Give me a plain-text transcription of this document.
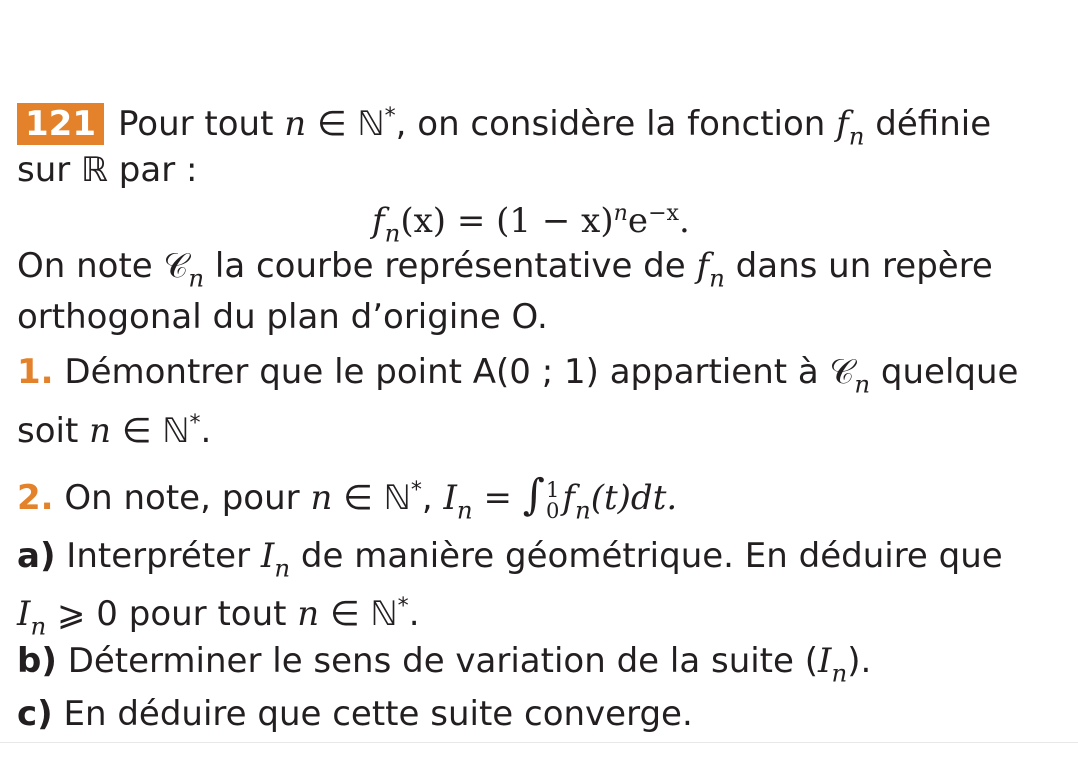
121 Pour tout n ∈ ℕ*, on considère la fonction $f_n$ définie
sur ℝ par :
$f_n(x) = (1 - x)^ne^{-x}$.
On note 𝒞$_n$ la courbe représentative de $f_n$ dans un repère
orthogonal du plan d’origine O.
1. Démontrer que le point A(0 ; 1) appartient à 𝒞$_n$ quelque
soit n ∈ ℕ*.
2. On note, pour n ∈ ℕ*, $I_n$ = ∫ 1
0 $f_n(t)dt$.
a) Interpréter $I_n$ de manière géométrique. En déduire que
$I_n$ ⩾ 0 pour tout n ∈ ℕ*.
b) Déterminer le sens de variation de la suite $(I_n)$.
c) En déduire que cette suite converge.
